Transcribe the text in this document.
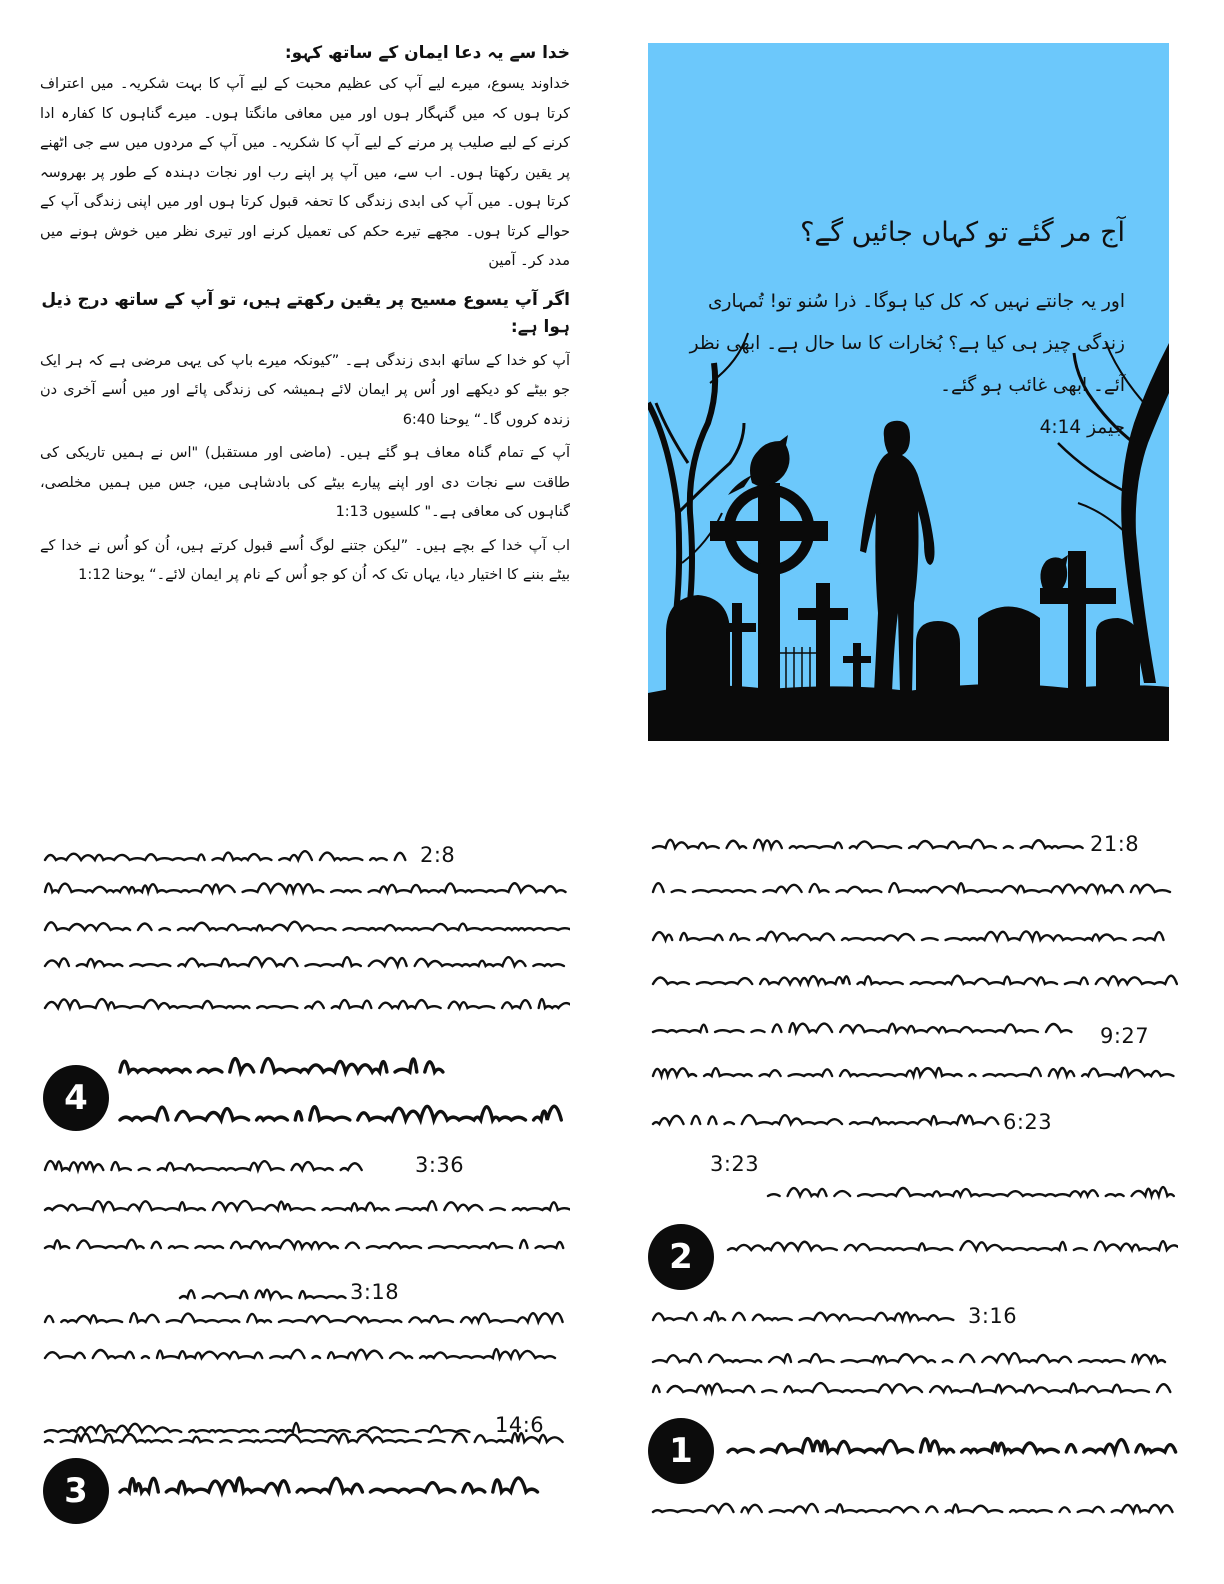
خدا سے یہ دعا ایمان کے ساتھ کہو:

خداوند یسوع، میرے لیے آپ کی عظیم محبت کے لیے آپ کا بہت شکریہ۔ میں اعتراف کرتا ہوں کہ میں گنہگار ہوں اور میں معافی مانگتا ہوں۔ میرے گناہوں کا کفارہ ادا کرنے کے لیے صلیب پر مرنے کے لیے آپ کا شکریہ۔ میں آپ کے مردوں میں سے جی اٹھنے پر یقین رکھتا ہوں۔ اب سے، میں آپ پر اپنے رب اور نجات دہندہ کے طور پر بھروسہ کرتا ہوں۔ میں آپ کی ابدی زندگی کا تحفہ قبول کرتا ہوں اور میں اپنی زندگی آپ کے حوالے کرتا ہوں۔ مجھے تیرے حکم کی تعمیل کرنے اور تیری نظر میں خوش ہونے میں مدد کر۔ آمین

اگر آپ یسوع مسیح پر یقین رکھتے ہیں، تو آپ کے ساتھ درج ذیل ہوا ہے:

آپ کو خدا کے ساتھ ابدی زندگی ہے۔ ”کیونکہ میرے باپ کی یہی مرضی ہے کہ ہر ایک جو بیٹے کو دیکھے اور اُس پر ایمان لائے ہمیشہ کی زندگی پائے اور میں اُسے آخری دن زندہ کروں گا۔“ یوحنا 6:40

آپ کے تمام گناہ معاف ہو گئے ہیں۔ (ماضی اور مستقبل) "اس نے ہمیں تاریکی کی طاقت سے نجات دی اور اپنے پیارے بیٹے کی بادشاہی میں، جس میں ہمیں مخلصی، گناہوں کی معافی ہے۔" کلسیوں 1:13

اب آپ خدا کے بچے ہیں۔ ”لیکن جتنے لوگ اُسے قبول کرتے ہیں، اُن کو اُس نے خدا کے بیٹے بننے کا اختیار دیا، یہاں تک کہ اُن کو جو اُس کے نام پر ایمان لائے۔“ یوحنا 1:12

آج مر گئے تو کہاں جائیں گے؟
اور یہ جانتے نہیں کہ کل کیا ہوگا۔ ذرا سُنو تو! تُمہاری زندگی چیز ہی کیا ہے؟ بُخارات کا سا حال ہے۔ ابھی نظر آئے۔ ابھی غائب ہو گئے۔
جیمز 4:14
2:8
3:36
3:18
14:6
4
3
21:8
9:27
6:23
3:23
3:16
2
1
